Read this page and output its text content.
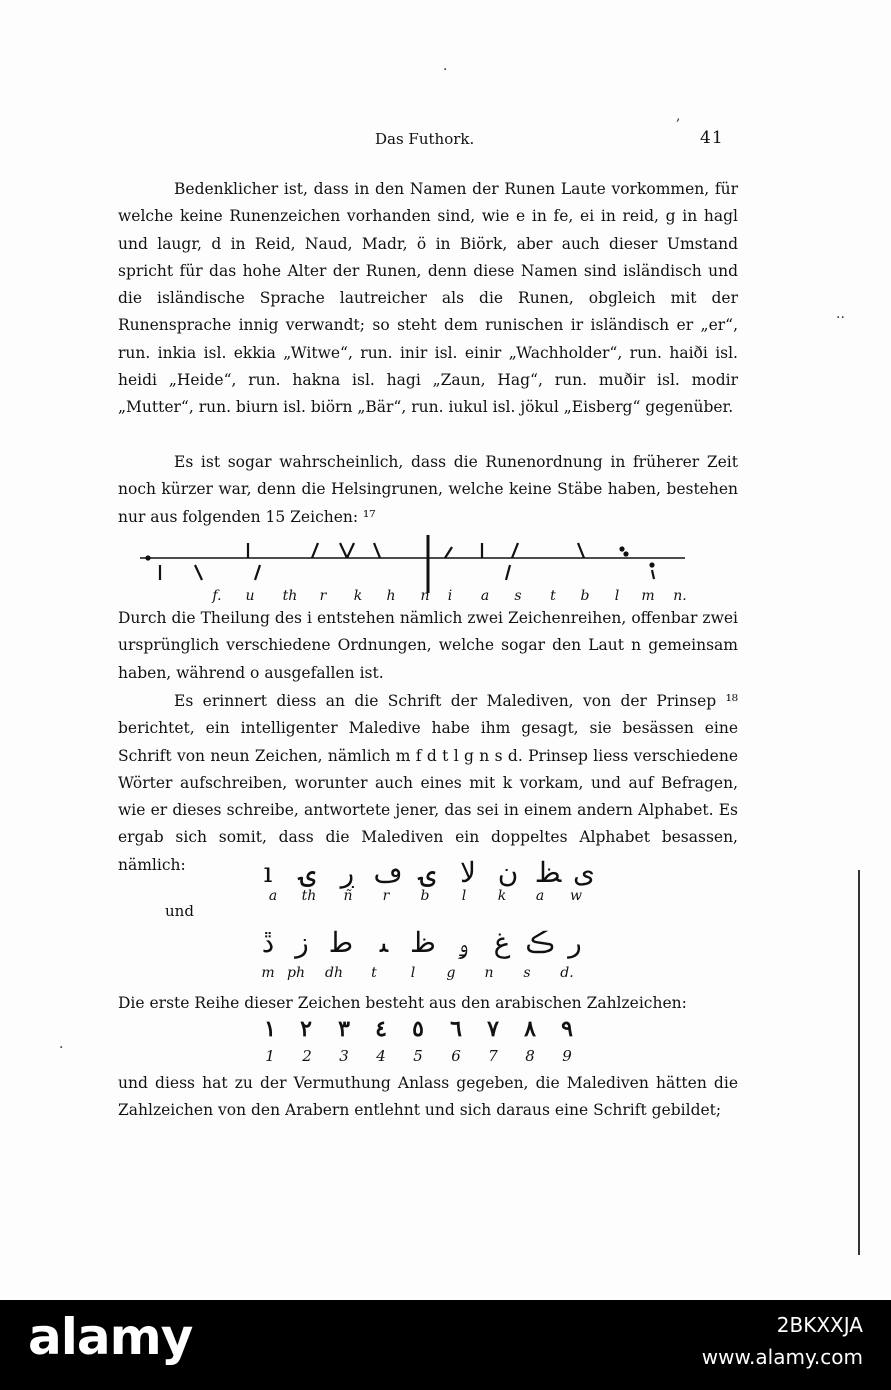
·
,
··
·
Das Futhork.	41

Bedenklicher ist, dass in den Namen der Runen Laute vorkommen, für welche keine Runenzeichen vorhanden sind, wie e in fe, ei in reid, g in hagl und laugr, d in Reid, Naud, Madr, ö in Biörk, aber auch dieser Umstand spricht für das hohe Alter der Runen, denn diese Namen sind isländisch und die isländische Sprache lautreicher als die Runen, obgleich mit der Runensprache innig verwandt; so steht dem runischen ir isländisch er „er“, run. inkia isl. ekkia „Witwe“, run. inir isl. einir „Wachholder“, run. haiði isl. heidi „Heide“, run. hakna isl. hagi „Zaun, Hag“, run. muðir isl. modir „Mutter“, run. biurn isl. biörn „Bär“, run. iukul isl. jökul „Eisberg“ gegenüber.

Es ist sogar wahrscheinlich, dass die Runenordnung in früherer Zeit noch kürzer war, denn die Helsingrunen, welche keine Stäbe haben, bestehen nur aus folgenden 15 Zeichen: ¹⁷

f.	u	th	r	k	h	n	i	a	s	t	b	l	m	n.

Durch die Theilung des i entstehen nämlich zwei Zeichenreihen, offenbar zwei ursprünglich verschiedene Ordnungen, welche sogar den Laut n gemeinsam haben, während o ausgefallen ist.

Es erinnert diess an die Schrift der Malediven, von der Prinsep ¹⁸ berichtet, ein intelligenter Maledive habe ihm gesagt, sie besässen eine Schrift von neun Zeichen, nämlich m f d t l g n s d. Prinsep liess verschiedene Wörter aufschreiben, worunter auch eines mit k vorkam, und auf Befragen, wie er dieses schreibe, antwortete jener, das sei in einem andern Alphabet. Es ergab sich somit, dass die Malediven ein doppeltes Alphabet besassen, nämlich:	ı ۍ ڔ ڡ ۍ ﻻ ن ﻆ ﻯ
a	th	ñ	r	b	l	k	a	w
und
ڐ ﺯ ﻃ ﯩ ﻅ ﯠ ﻍ ڪ ﺭ
m ph	dh	t	l	g	n	s	d.

Die erste Reihe dieser Zeichen besteht aus den arabischen Zahlzeichen:

١	٢	٣	٤	٥	٦	٧	٨	٩
1	2	3	4	5	6	7	8	9

und diess hat zu der Vermuthung Anlass gegeben, die Malediven hätten die Zahlzeichen von den Arabern entlehnt und sich daraus eine Schrift gebildet;

alamy	2BKXXJA
www.alamy.com
